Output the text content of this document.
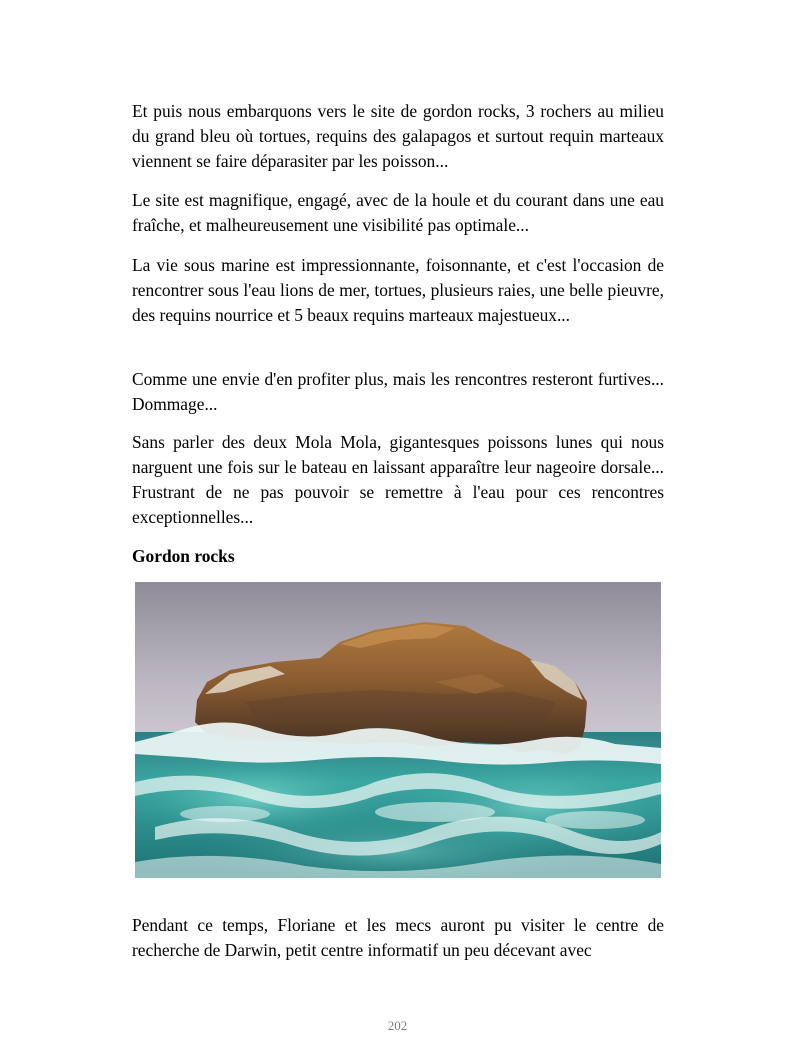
Et puis nous embarquons vers le site de gordon rocks, 3 rochers au milieu du grand bleu où tortues, requins des galapagos et surtout requin marteaux viennent se faire déparasiter par les poisson...

Le site est magnifique, engagé, avec de la houle et du courant dans une eau fraîche, et malheureusement une visibilité pas optimale...

La vie sous marine est impressionnante, foisonnante, et c'est l'occasion de rencontrer sous l'eau lions de mer, tortues, plusieurs raies, une belle pieuvre, des requins nourrice et 5 beaux requins marteaux majestueux...

Comme une envie d'en profiter plus, mais les rencontres resteront furtives... Dommage...

Sans parler des deux Mola Mola, gigantesques poissons lunes qui nous narguent une fois sur le bateau en laissant apparaître leur nageoire dorsale... Frustrant de ne pas pouvoir se remettre à l'eau pour ces rencontres exceptionnelles...

Gordon rocks

Pendant ce temps, Floriane et les mecs auront pu visiter le centre de recherche de Darwin, petit centre informatif un peu décevant avec

202
